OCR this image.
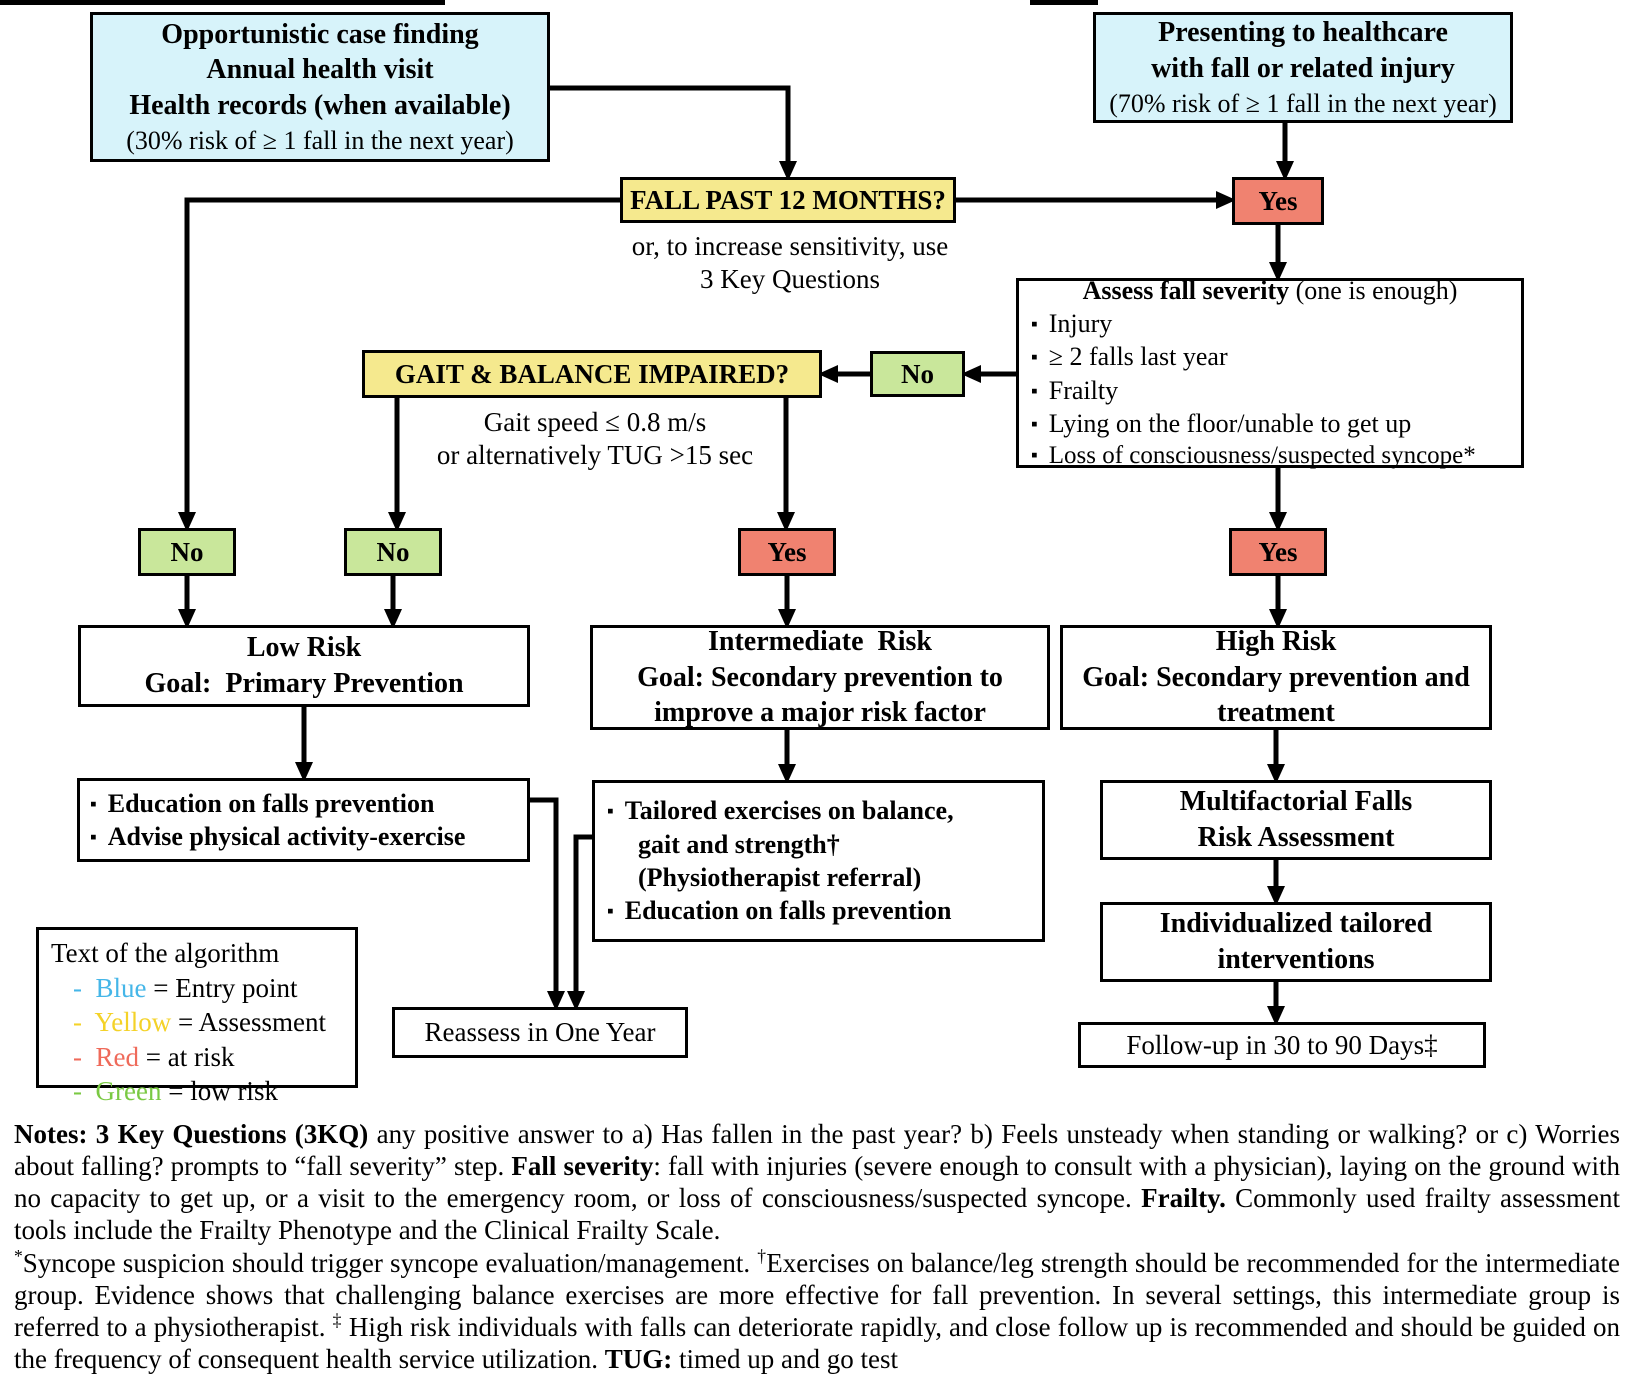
Opportunistic case finding
Annual health visit
Health records (when available)
(30% risk of ≥ 1 fall in the next year)
Presenting to healthcare
with fall or related injury
(70% risk of ≥ 1 fall in the next year)
FALL PAST 12 MONTHS?
or, to increase sensitivity, use
3 Key Questions
Yes
Assess fall severity (one is enough)
▪ Injury
▪ ≥ 2 falls last year
▪ Frailty
▪ Lying on the floor/unable to get up
▪ Loss of consciousness/suspected syncope*
GAIT & BALANCE IMPAIRED?
Gait speed ≤ 0.8 m/s
or alternatively TUG >15 sec
No
No	No	Yes	Yes
Low Risk
Goal:  Primary Prevention
Intermediate  Risk
Goal: Secondary prevention to
improve a major risk factor
High Risk
Goal: Secondary prevention and
treatment
▪ Education on falls prevention
▪ Advise physical activity-exercise
▪ Tailored exercises on balance,
gait and strength†
(Physiotherapist referral)
▪ Education on falls prevention
Multifactorial Falls
Risk Assessment
Individualized tailored
interventions
Follow-up in 30 to 90 Days‡
Reassess in One Year
Text of the algorithm
-  Blue = Entry point
-  Yellow = Assessment
-  Red = at risk
-  Green = low risk

Notes: 3 Key Questions (3KQ) any positive answer to a) Has fallen in the past year? b) Feels unsteady when standing or walking? or c) Worries about falling? prompts to “fall severity” step. Fall severity: fall with injuries (severe enough to consult with a physician), laying on the ground with no capacity to get up, or a visit to the emergency room, or loss of consciousness/suspected syncope. Frailty. Commonly used frailty assessment tools include the Frailty Phenotype and the Clinical Frailty Scale.

*Syncope suspicion should trigger syncope evaluation/management. †Exercises on balance/leg strength should be recommended for the intermediate group. Evidence shows that challenging balance exercises are more effective for fall prevention. In several settings, this intermediate group is referred to a physiotherapist. ‡ High risk individuals with falls can deteriorate rapidly, and close follow up is recommended and should be guided on the frequency of consequent health service utilization. TUG: timed up and go test
